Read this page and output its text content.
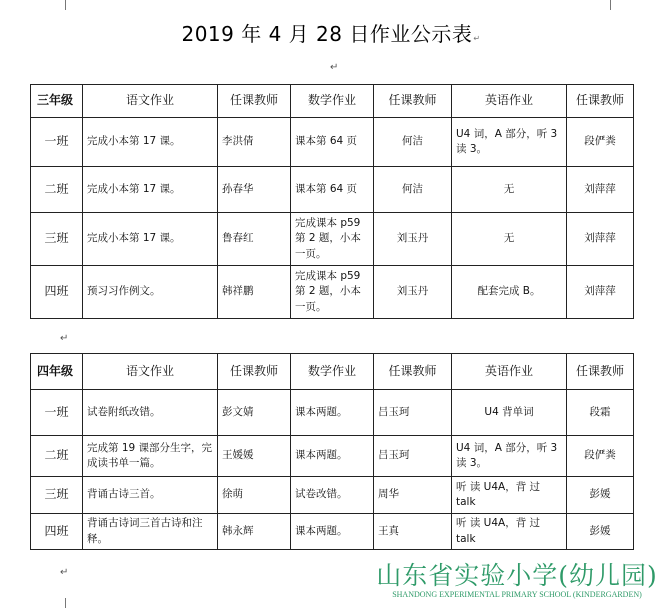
2019 年 4 月 28 日作业公示表↵
↵
三年级	语文作业	任课教师	数学作业	任课教师	英语作业	任课教师
一班	完成小本第 17 课。	李洪倩	课本第 64 页	何洁	U4 词，A 部分，听 3 读 3。	段俨粪
二班	完成小本第 17 课。	孙春华	课本第 64 页	何洁	无	刘萍萍
三班	完成小本第 17 课。	鲁春红	完成课本 p59 第 2 题，小本一页。	刘玉丹	无	刘萍萍
四班	预习习作例文。	韩祥鹏	完成课本 p59 第 2 题，小本一页。	刘玉丹	配套完成 B。	刘萍萍
↵
四年级	语文作业	任课教师	数学作业	任课教师	英语作业	任课教师
一班	试卷附纸改错。	彭文婧	课本两题。	吕玉珂	U4 背单词	段霜
二班	完成第 19 课部分生字，完成读书单一篇。	王媛媛	课本两题。	吕玉珂	U4 词，A 部分，听 3 读 3。	段俨粪
三班	背诵古诗三首。	徐萌	试卷改错。	周华	听 读 U4A，背 过 talk	彭媛
四班	背诵古诗词三首古诗和注释。	韩永辉	课本两题。	王真	听 读 U4A，背 过 talk	彭媛
↵	山东省实验小学(幼儿园)
SHANDONG EXPERIMENTAL PRIMARY SCHOOL (KINDERGARDEN)
